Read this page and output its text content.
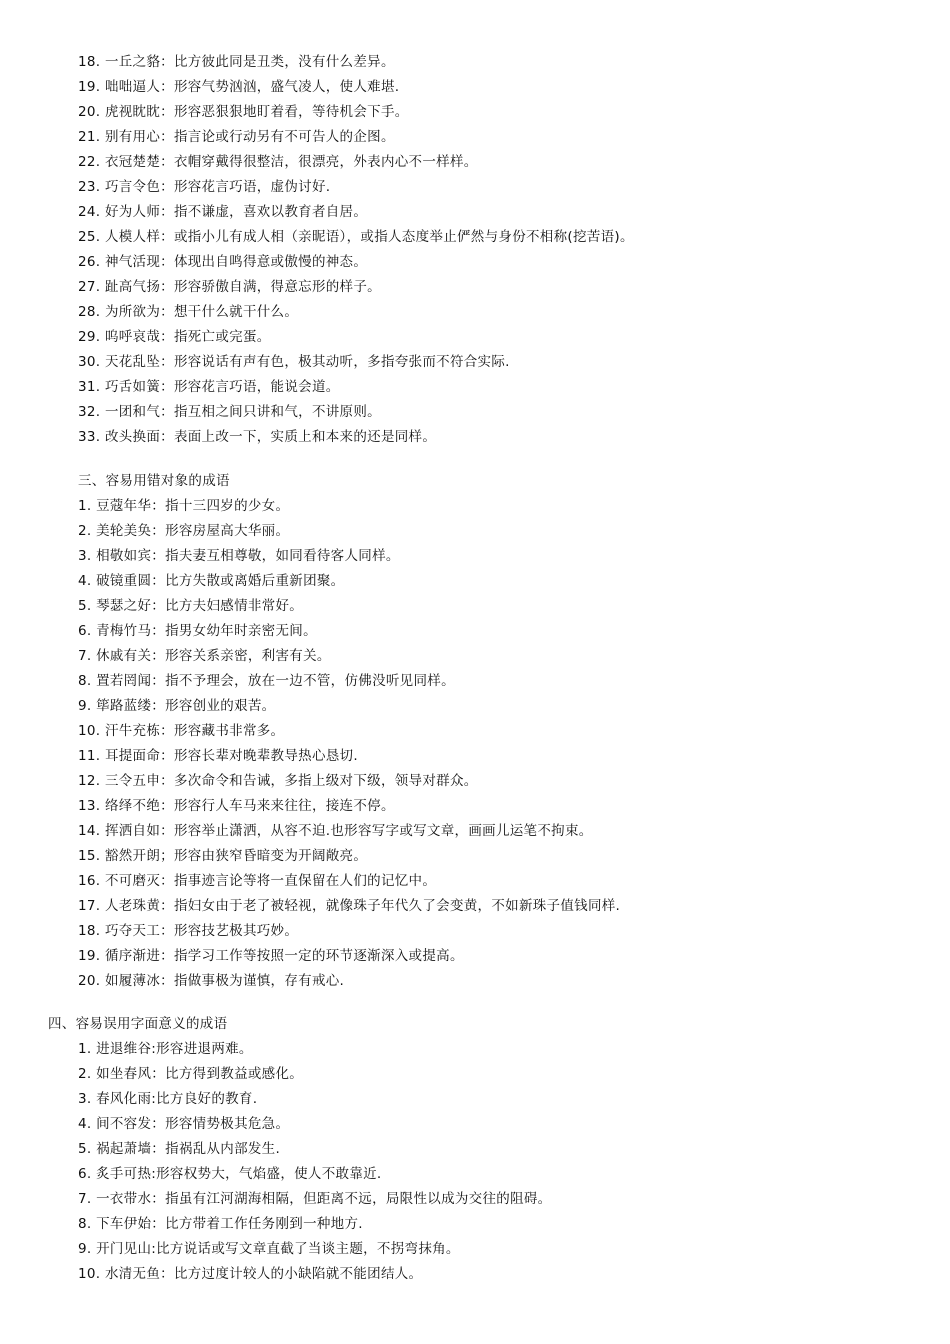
18. 一丘之貉：比方彼此同是丑类，没有什么差异。
19. 咄咄逼人：形容气势汹汹，盛气凌人，使人难堪.
20. 虎视眈眈：形容恶狠狠地盯着看，等待机会下手。
21. 别有用心：指言论或行动另有不可告人的企图。
22. 衣冠楚楚：衣帽穿戴得很整洁，很漂亮，外表内心不一样样。
23. 巧言令色：形容花言巧语，虚伪讨好.
24. 好为人师：指不谦虚，喜欢以教育者自居。
25. 人模人样：或指小儿有成人相（亲昵语），或指人态度举止俨然与身份不相称(挖苦语)。
26. 神气活现：体现出自鸣得意或傲慢的神态。
27. 趾高气扬：形容骄傲自满，得意忘形的样子。
28. 为所欲为：想干什么就干什么。
29. 呜呼哀哉：指死亡或完蛋。
30. 天花乱坠：形容说话有声有色，极其动听，多指夸张而不符合实际.
31. 巧舌如簧：形容花言巧语，能说会道。
32. 一团和气：指互相之间只讲和气，不讲原则。
33. 改头换面：表面上改一下，实质上和本来的还是同样。
三、容易用错对象的成语
1. 豆蔻年华：指十三四岁的少女。
2. 美轮美奂：形容房屋高大华丽。
3. 相敬如宾：指夫妻互相尊敬，如同看待客人同样。
4. 破镜重圆：比方失散或离婚后重新团聚。
5. 琴瑟之好：比方夫妇感情非常好。
6. 青梅竹马：指男女幼年时亲密无间。
7. 休戚有关：形容关系亲密，利害有关。
8. 置若罔闻：指不予理会，放在一边不管，仿佛没听见同样。
9. 筚路蓝缕：形容创业的艰苦。
10. 汗牛充栋：形容藏书非常多。
11. 耳提面命：形容长辈对晚辈教导热心恳切.
12. 三令五申：多次命令和告诫，多指上级对下级，领导对群众。
13. 络绎不绝：形容行人车马来来往往，接连不停。
14. 挥洒自如：形容举止潇洒，从容不迫.也形容写字或写文章，画画儿运笔不拘束。
15. 豁然开朗；形容由狭窄昏暗变为开阔敞亮。
16. 不可磨灭：指事迹言论等将一直保留在人们的记忆中。
17. 人老珠黄：指妇女由于老了被轻视，就像珠子年代久了会变黄，不如新珠子值钱同样.
18. 巧夺天工：形容技艺极其巧妙。
19. 循序渐进：指学习工作等按照一定的环节逐渐深入或提高。
20. 如履薄冰：指做事极为谨慎，存有戒心.
四、容易误用字面意义的成语
1. 进退维谷:形容进退两难。
2. 如坐春风：比方得到教益或感化。
3. 春风化雨:比方良好的教育.
4. 间不容发：形容情势极其危急。
5. 祸起萧墙：指祸乱从内部发生.
6. 炙手可热:形容权势大，气焰盛，使人不敢靠近.
7. 一衣带水：指虽有江河湖海相隔，但距离不远，局限性以成为交往的阻碍。
8. 下车伊始：比方带着工作任务刚到一种地方.
9. 开门见山:比方说话或写文章直截了当谈主题，不拐弯抹角。
10. 水清无鱼：比方过度计较人的小缺陷就不能团结人。
